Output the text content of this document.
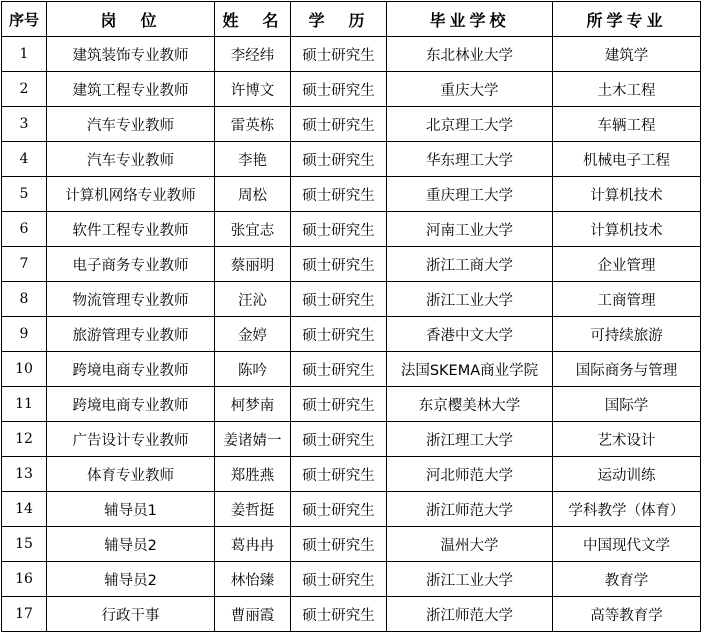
序号	岗　位	姓　名	学　历	毕业学校	所学专业
1	建筑装饰专业教师	李经纬	硕士研究生	东北林业大学	建筑学
2	建筑工程专业教师	许博文	硕士研究生	重庆大学	土木工程
3	汽车专业教师	雷英栋	硕士研究生	北京理工大学	车辆工程
4	汽车专业教师	李艳	硕士研究生	华东理工大学	机械电子工程
5	计算机网络专业教师	周松	硕士研究生	重庆理工大学	计算机技术
6	软件工程专业教师	张宜志	硕士研究生	河南工业大学	计算机技术
7	电子商务专业教师	蔡丽明	硕士研究生	浙江工商大学	企业管理
8	物流管理专业教师	汪沁	硕士研究生	浙江工业大学	工商管理
9	旅游管理专业教师	金婷	硕士研究生	香港中文大学	可持续旅游
10	跨境电商专业教师	陈吟	硕士研究生	法国SKEMA商业学院	国际商务与管理
11	跨境电商专业教师	柯梦南	硕士研究生	东京樱美林大学	国际学
12	广告设计专业教师	姜诸婧一	硕士研究生	浙江理工大学	艺术设计
13	体育专业教师	郑胜燕	硕士研究生	河北师范大学	运动训练
14	辅导员1	姜哲挺	硕士研究生	浙江师范大学	学科教学（体育）
15	辅导员2	葛冉冉	硕士研究生	温州大学	中国现代文学
16	辅导员2	林怡臻	硕士研究生	浙江工业大学	教育学
17	行政干事	曹丽霞	硕士研究生	浙江师范大学	高等教育学
